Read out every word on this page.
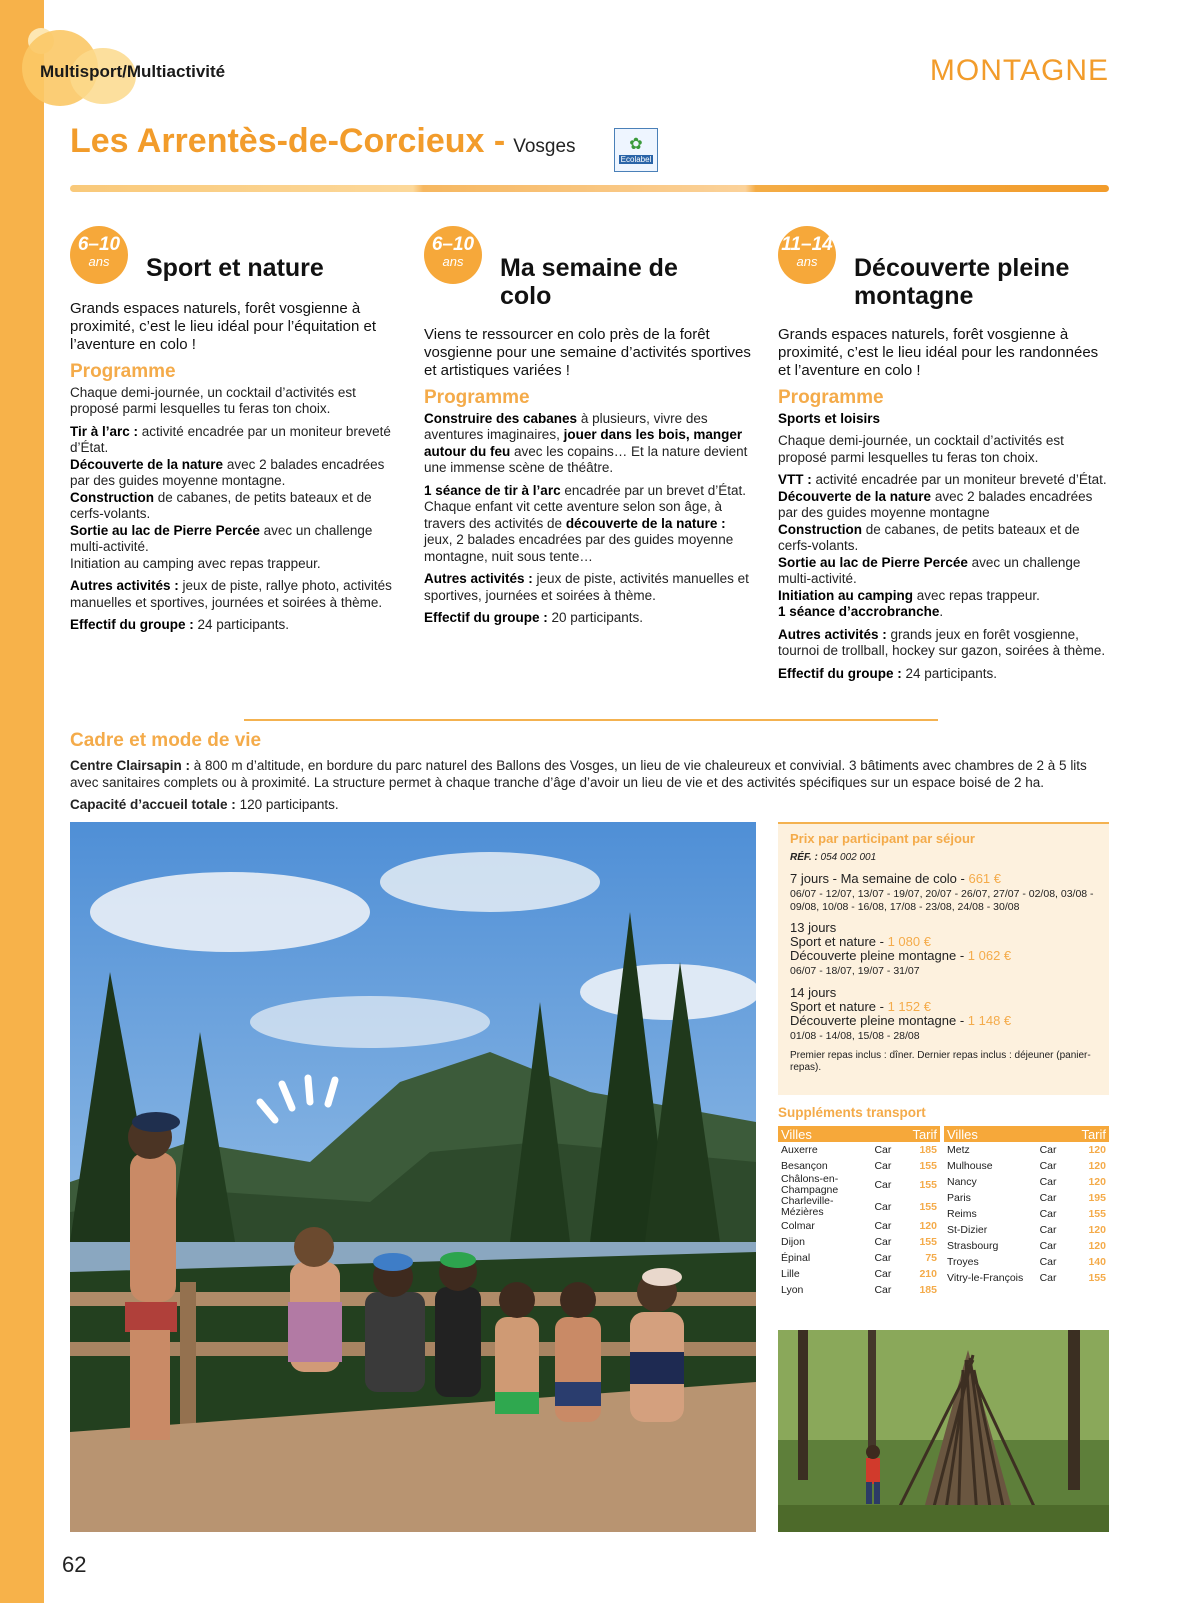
Multisport/Multiactivité	MONTAGNE
Les Arrentès-de-Corcieux - Vosges	✿
Ecolabel
6–10
ans	Sport et nature
Grands espaces naturels, forêt vosgienne à proximité, c’est le lieu idéal pour l’équitation et l’aventure en colo !
Programme

Chaque demi-journée, un cocktail d’activités est proposé parmi lesquelles tu feras ton choix.

Tir à l’arc : activité encadrée par un moniteur breveté d’État.

Découverte de la nature avec 2 balades encadrées par des guides moyenne montagne.

Construction de cabanes, de petits bateaux et de cerfs-volants.

Sortie au lac de Pierre Percée avec un challenge multi-activité.

Initiation au camping avec repas trappeur.

Autres activités : jeux de piste, rallye photo, activités manuelles et sportives, journées et soirées à thème.

Effectif du groupe : 24 participants.

6–10
ans	Ma semaine de colo
Viens te ressourcer en colo près de la forêt vosgienne pour une semaine d’activités sportives et artistiques variées !
Programme

Construire des cabanes à plusieurs, vivre des aventures imaginaires, jouer dans les bois, manger autour du feu avec les copains… Et la nature devient une immense scène de théâtre.

1 séance de tir à l’arc encadrée par un brevet d’État. Chaque enfant vit cette aventure selon son âge, à travers des activités de découverte de la nature : jeux, 2 balades encadrées par des guides moyenne montagne, nuit sous tente…

Autres activités : jeux de piste, activités manuelles et sportives, journées et soirées à thème.

Effectif du groupe : 20 participants.

11–14
ans	Découverte pleine montagne
Grands espaces naturels, forêt vosgienne à proximité, c’est le lieu idéal pour les randonnées et l’aventure en colo !
Programme

Sports et loisirs

Chaque demi-journée, un cocktail d’activités est proposé parmi lesquelles tu feras ton choix.

VTT : activité encadrée par un moniteur breveté d’État.

Découverte de la nature avec 2 balades encadrées par des guides moyenne montagne

Construction de cabanes, de petits bateaux et de cerfs-volants.

Sortie au lac de Pierre Percée avec un challenge multi-activité.

Initiation au camping avec repas trappeur.

1 séance d’accrobranche.

Autres activités : grands jeux en forêt vosgienne, tournoi de trollball, hockey sur gazon, soirées à thème.

Effectif du groupe : 24 participants.

Cadre et mode de vie
Centre Clairsapin : à 800 m d’altitude, en bordure du parc naturel des Ballons des Vosges, un lieu de vie chaleureux et convivial. 3 bâtiments avec chambres de 2 à 5 lits avec sanitaires complets ou à proximité. La structure permet à chaque tranche d’âge d’avoir un lieu de vie et des activités spécifiques sur un espace boisé de 2 ha.
Capacité d’accueil totale : 120 participants.
Prix par participant par séjour
RÉF. : 054 002 001
7 jours - Ma semaine de colo - 661 €
06/07 - 12/07, 13/07 - 19/07, 20/07 - 26/07, 27/07 - 02/08, 03/08 - 09/08, 10/08 - 16/08, 17/08 - 23/08, 24/08 - 30/08
13 jours
Sport et nature - 1 080 €
Découverte pleine montagne - 1 062 €
06/07 - 18/07, 19/07 - 31/07
14 jours
Sport et nature - 1 152 €
Découverte pleine montagne - 1 148 €
01/08 - 14/08, 15/08 - 28/08
Premier repas inclus : dîner. Dernier repas inclus : déjeuner (panier-repas).
Suppléments transport
Villes		Tarif
Auxerre	Car	185
Besançon	Car	155
Châlons-en-Champagne	Car	155
Charleville-Mézières	Car	155
Colmar	Car	120
Dijon	Car	155
Épinal	Car	75
Lille	Car	210
Lyon	Car	185
Villes		Tarif
Metz	Car	120
Mulhouse	Car	120
Nancy	Car	120
Paris	Car	195
Reims	Car	155
St-Dizier	Car	120
Strasbourg	Car	120
Troyes	Car	140
Vitry-le-François	Car	155
62
